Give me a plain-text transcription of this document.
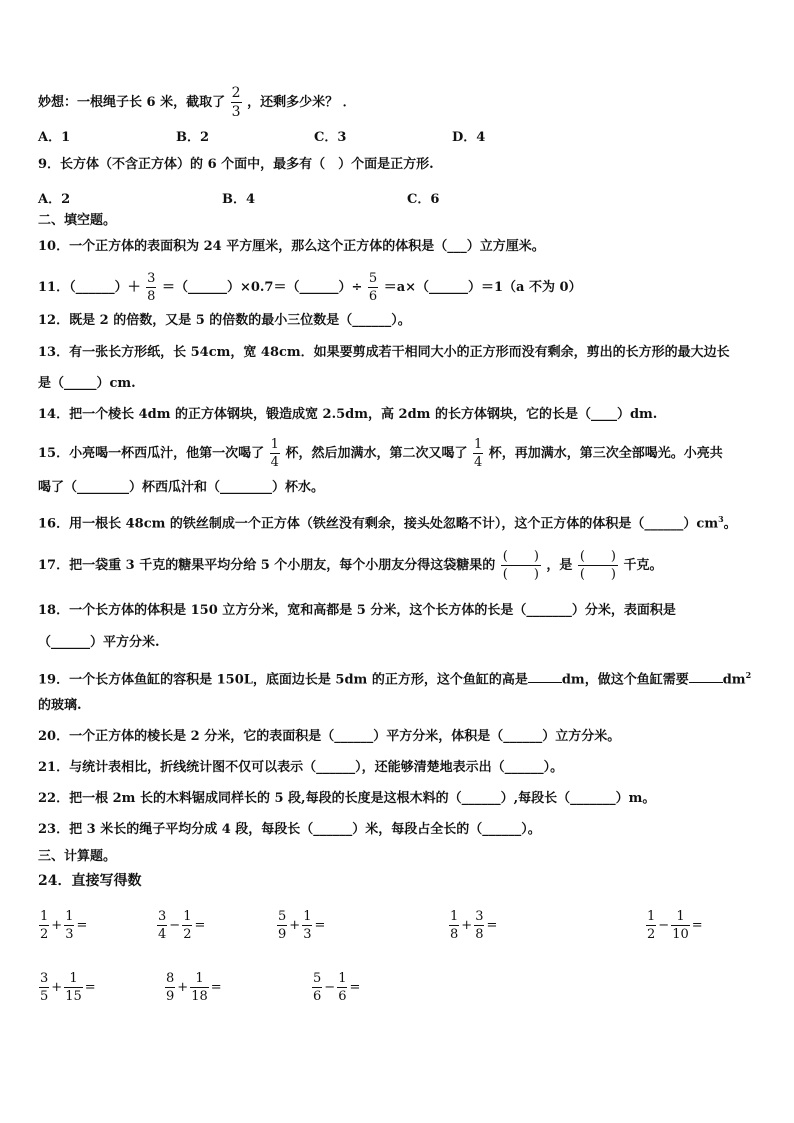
妙想：一根绳子长 6 米，截取了 $\frac{2}{3}$ ，还剩多少米？ ．
A．1	B．2	C．3	D．4
9．长方体（不含正方体）的 6 个面中，最多有（　）个面是正方形.
A．2	B．4	C．6
二、填空题。
10．一个正方体的表面积为 24 平方厘米，那么这个正方体的体积是（___）立方厘米。
11．（______）＋ $\frac{3}{8}$ ＝（______）×0.7＝（______）÷ $\frac{5}{6}$ ＝a×（______）＝1（a 不为 0）
12．既是 2 的倍数，又是 5 的倍数的最小三位数是（______）。
13．有一张长方形纸，长 54cm，宽 48cm．如果要剪成若干相同大小的正方形而没有剩余，剪出的长方形的最大边长
是（_____）cm.
14．把一个棱长 4dm 的正方体钢块，锻造成宽 2.5dm，高 2dm 的长方体钢块，它的长是（____）dm.
15．小亮喝一杯西瓜汁，他第一次喝了 $\frac{1}{4}$ 杯，然后加满水，第二次又喝了 $\frac{1}{4}$ 杯，再加满水，第三次全部喝光。小亮共
喝了（________）杯西瓜汁和（________）杯水。
16．用一根长 48cm 的铁丝制成一个正方体（铁丝没有剩余，接头处忽略不计），这个正方体的体积是$(\_\_\_\_\_\_)cm^3$。
17．把一袋重 3 千克的糖果平均分给 5 个小朋友，每个小朋友分得这袋糖果的 $\frac{( )}{( )}$ ，是 $\frac{( )}{( )}$ 千克。
18．一个长方体的体积是 150 立方分米，宽和高都是 5 分米，这个长方体的长是（_______）分米，表面积是
（______）平方分米.
19．一个长方体鱼缸的容积是 150L，底面边长是 5dm 的正方形，这个鱼缸的高是	dm，做这个鱼缸需要	$dm^2$
的玻璃.
20．一个正方体的棱长是 2 分米，它的表面积是（______）平方分米，体积是（______）立方分米。
21．与统计表相比，折线统计图不仅可以表示（______），还能够清楚地表示出（______）。
22．把一根 2m 长的木料锯成同样长的 5 段,每段的长度是这根木料的（______）,每段长（_______）m。
23．把 3 米长的绳子平均分成 4 段，每段长（______）米，每段占全长的（______）。
三、计算题。
24．直接写得数
$\frac{1}{2} + \frac{1}{3}$ =	$\frac{3}{4} - \frac{1}{2}$ =	$\frac{5}{9} + \frac{1}{3}$ =	$\frac{1}{8} + \frac{3}{8}$ =	$\frac{1}{2} - \frac{1}{10}$ =
$\frac{3}{5} + \frac{1}{15}$ =	$\frac{8}{9} + \frac{1}{18}$ =	$\frac{5}{6} - \frac{1}{6}$ =
